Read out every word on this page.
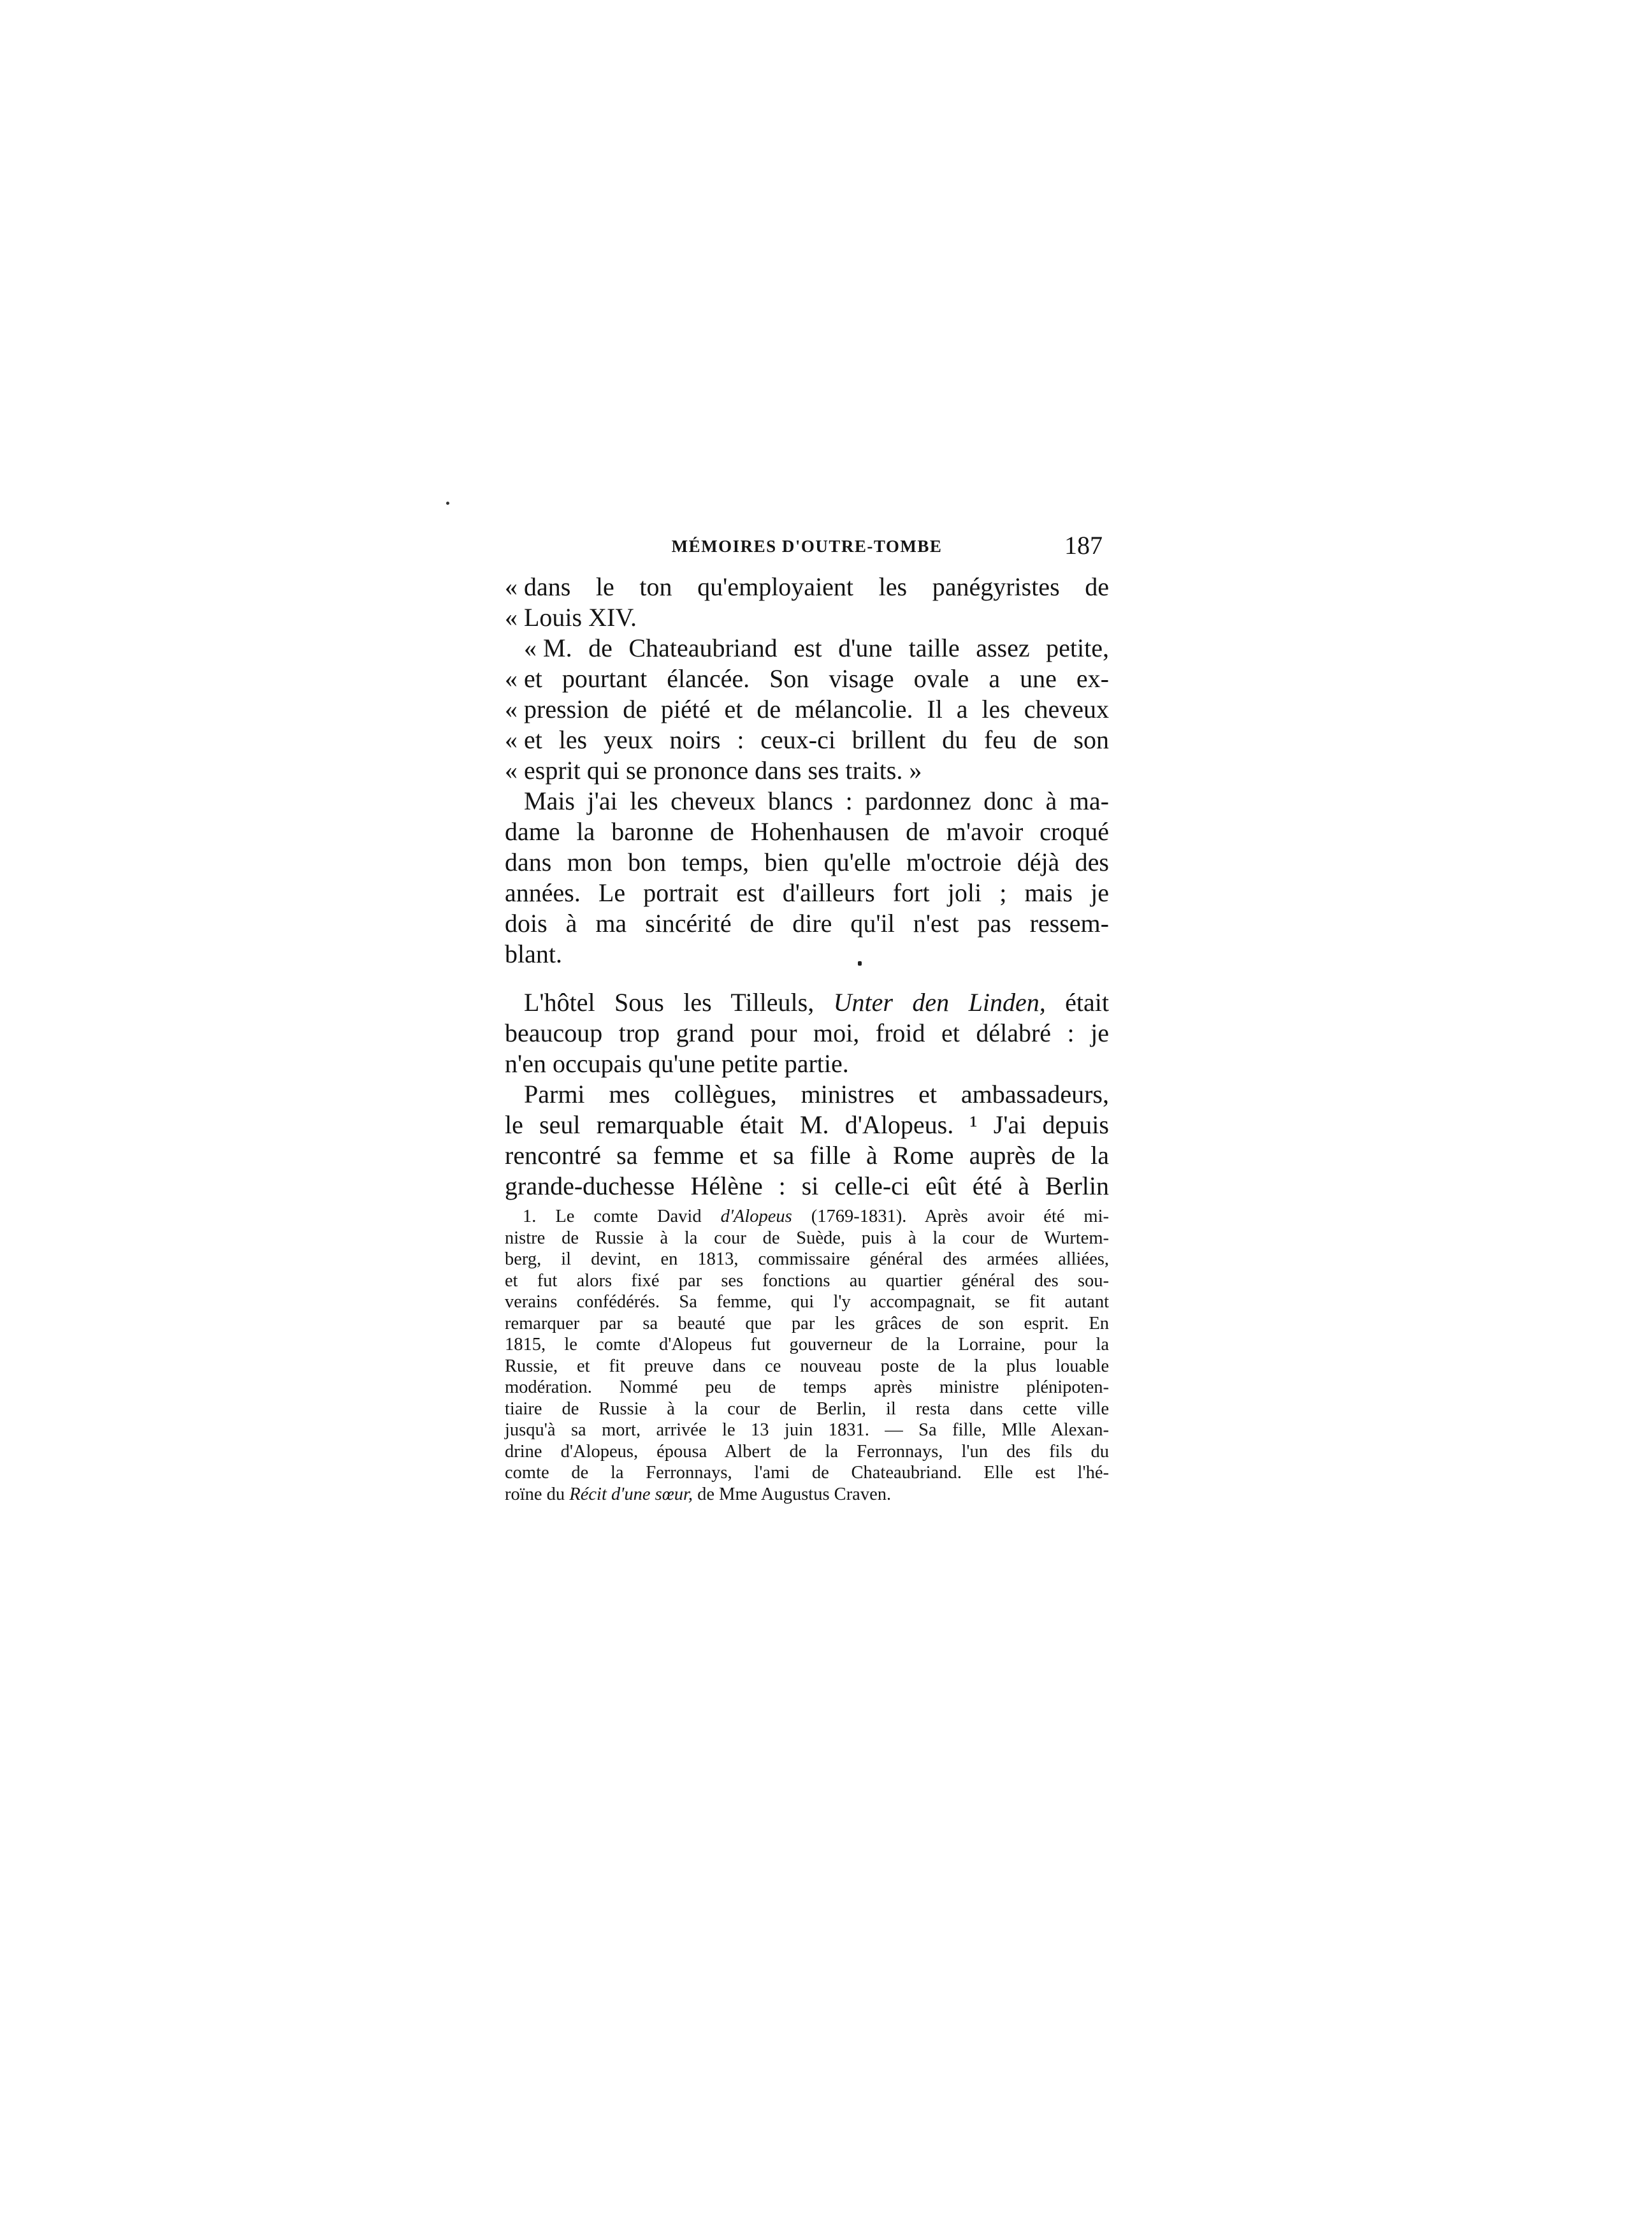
MÉMOIRES D'OUTRE-TOMBE	187
« dans le ton qu'employaient les panégyristes de
« Louis XIV.
« M. de Chateaubriand est d'une taille assez petite,
« et pourtant élancée. Son visage ovale a une ex-
« pression de piété et de mélancolie. Il a les cheveux
« et les yeux noirs : ceux-ci brillent du feu de son
« esprit qui se prononce dans ses traits. »
Mais j'ai les cheveux blancs : pardonnez donc à ma-
dame la baronne de Hohenhausen de m'avoir croqué
dans mon bon temps, bien qu'elle m'octroie déjà des
années. Le portrait est d'ailleurs fort joli ; mais je
dois à ma sincérité de dire qu'il n'est pas ressem-
blant.
L'hôtel Sous les Tilleuls, Unter den Linden, était
beaucoup trop grand pour moi, froid et délabré : je
n'en occupais qu'une petite partie.
Parmi mes collègues, ministres et ambassadeurs,
le seul remarquable était M. d'Alopeus. ¹ J'ai depuis
rencontré sa femme et sa fille à Rome auprès de la
grande-duchesse Hélène : si celle-ci eût été à Berlin
1. Le comte David d'Alopeus (1769-1831). Après avoir été mi-
nistre de Russie à la cour de Suède, puis à la cour de Wurtem-
berg, il devint, en 1813, commissaire général des armées alliées,
et fut alors fixé par ses fonctions au quartier général des sou-
verains confédérés. Sa femme, qui l'y accompagnait, se fit autant
remarquer par sa beauté que par les grâces de son esprit. En
1815, le comte d'Alopeus fut gouverneur de la Lorraine, pour la
Russie, et fit preuve dans ce nouveau poste de la plus louable
modération. Nommé peu de temps après ministre plénipoten-
tiaire de Russie à la cour de Berlin, il resta dans cette ville
jusqu'à sa mort, arrivée le 13 juin 1831. — Sa fille, Mlle Alexan-
drine d'Alopeus, épousa Albert de la Ferronnays, l'un des fils du
comte de la Ferronnays, l'ami de Chateaubriand. Elle est l'hé-
roïne du Récit d'une sœur, de Mme Augustus Craven.
